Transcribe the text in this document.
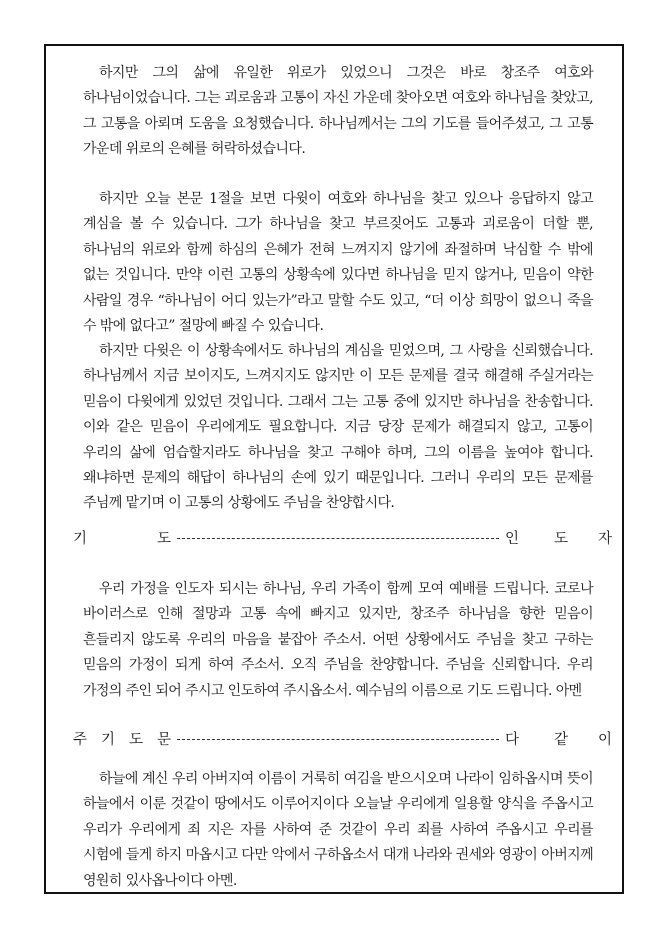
하지만 그의 삶에 유일한 위로가 있었으니 그것은 바로 창조주 여호와 하나님이었습니다. 그는 괴로움과 고통이 자신 가운데 찾아오면 여호와 하나님을 찾았고, 그 고통을 아뢰며 도움을 요청했습니다. 하나님께서는 그의 기도를 들어주셨고, 그 고통 가운데 위로의 은혜를 허락하셨습니다.

하지만 오늘 본문 1절을 보면 다윗이 여호와 하나님을 찾고 있으나 응답하지 않고 계심을 볼 수 있습니다. 그가 하나님을 찾고 부르짖어도 고통과 괴로움이 더할 뿐, 하나님의 위로와 함께 하심의 은혜가 전혀 느껴지지 않기에 좌절하며 낙심할 수 밖에 없는 것입니다. 만약 이런 고통의 상황속에 있다면 하나님을 믿지 않거나, 믿음이 약한 사람일 경우 “하나님이 어디 있는가”라고 말할 수도 있고, “더 이상 희망이 없으니 죽을 수 밖에 없다고” 절망에 빠질 수 있습니다.

하지만 다윗은 이 상황속에서도 하나님의 계심을 믿었으며, 그 사랑을 신뢰했습니다. 하나님께서 지금 보이지도, 느껴지지도 않지만 이 모든 문제를 결국 해결해 주실거라는 믿음이 다윗에게 있었던 것입니다. 그래서 그는 고통 중에 있지만 하나님을 찬송합니다. 이와 같은 믿음이 우리에게도 필요합니다. 지금 당장 문제가 해결되지 않고, 고통이 우리의 삶에 엄습할지라도 하나님을 찾고 구해야 하며, 그의 이름을 높여야 합니다. 왜냐하면 문제의 해답이 하나님의 손에 있기 때문입니다. 그러니 우리의 모든 문제를 주님께 맡기며 이 고통의 상황에도 주님을 찬양합시다.

기	도	인 도 자

우리 가정을 인도자 되시는 하나님, 우리 가족이 함께 모여 예배를 드립니다. 코로나 바이러스로 인해 절망과 고통 속에 빠지고 있지만, 창조주 하나님을 향한 믿음이 흔들리지 않도록 우리의 마음을 붙잡아 주소서. 어떤 상황에서도 주님을 찾고 구하는 믿음의 가정이 되게 하여 주소서. 오직 주님을 찬양합니다. 주님을 신뢰합니다. 우리 가정의 주인 되어 주시고 인도하여 주시옵소서. 예수님의 이름으로 기도 드립니다. 아멘

주 기 도 문	다 같 이

하늘에 계신 우리 아버지여 이름이 거룩히 여김을 받으시오며 나라이 임하옵시며 뜻이 하늘에서 이룬 것같이 땅에서도 이루어지이다 오늘날 우리에게 일용할 양식을 주옵시고 우리가 우리에게 죄 지은 자를 사하여 준 것같이 우리 죄를 사하여 주옵시고 우리를 시험에 들게 하지 마옵시고 다만 악에서 구하옵소서 대개 나라와 권세와 영광이 아버지께 영원히 있사옵나이다 아멘.
